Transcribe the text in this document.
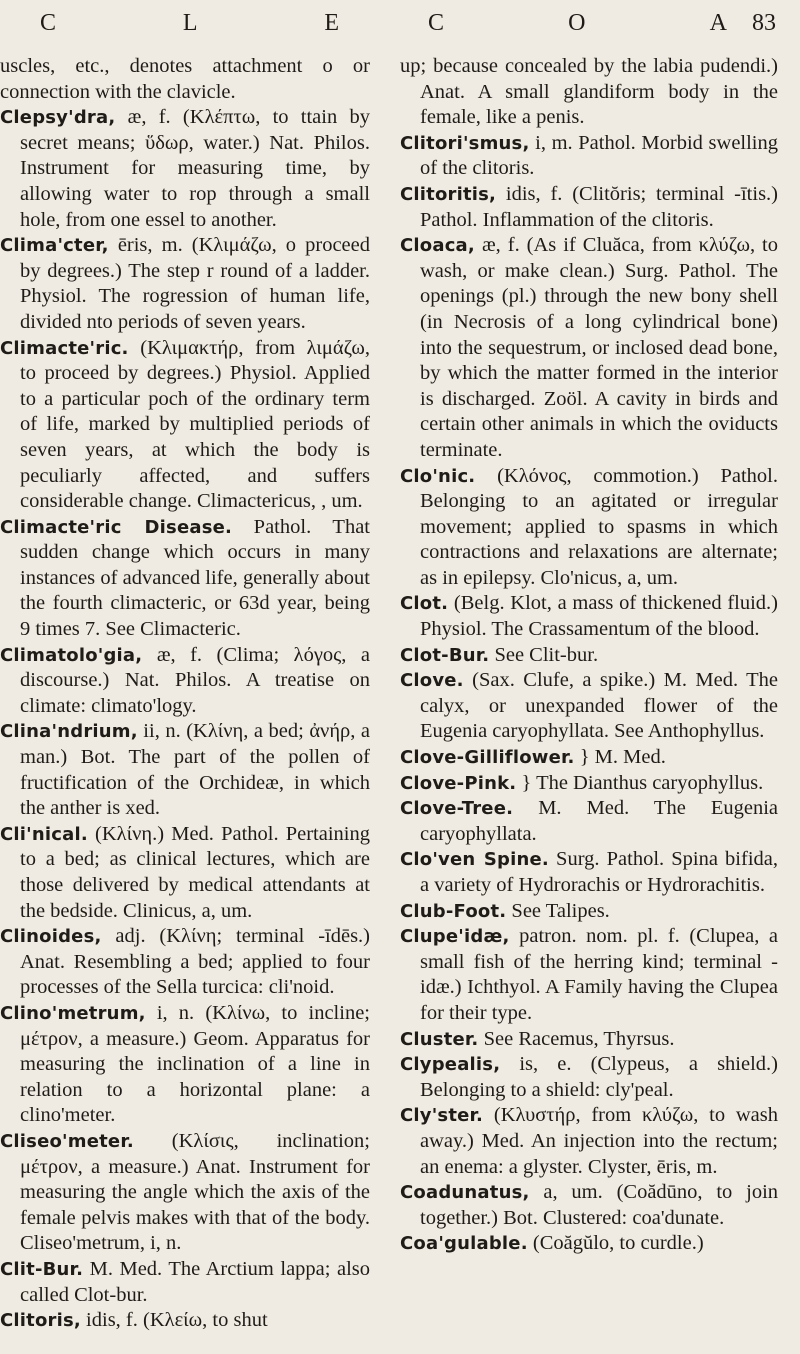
C	L	E	C	O	A 83

uscles, etc., denotes attachment o or connection with the clavicle.

Clepsy'dra, æ, f. (Κλέπτω, to ttain by secret means; ὕδωρ, water.) Nat. Philos. Instrument for measuring time, by allowing water to rop through a small hole, from one essel to another.

Clima'cter, ēris, m. (Κλιμάζω, o proceed by degrees.) The step r round of a ladder. Physiol. The rogression of human life, divided nto periods of seven years.

Climacte'ric. (Κλιμακτήρ, from λιμάζω, to proceed by degrees.) Physiol. Applied to a particular poch of the ordinary term of life, marked by multiplied periods of seven years, at which the body is peculiarly affected, and suffers considerable change. Climactericus, , um.

Climacte'ric Disease. Pathol. That sudden change which occurs in many instances of advanced life, generally about the fourth climacteric, or 63d year, being 9 times 7. See Climacteric.

Climatolo'gia, æ, f. (Clima; λόγος, a discourse.) Nat. Philos. A treatise on climate: climato'logy.

Clina'ndrium, ii, n. (Κλίνη, a bed; ἀνήρ, a man.) Bot. The part of the pollen of fructification of the Orchideæ, in which the anther is xed.

Cli'nical. (Κλίνη.) Med. Pathol. Pertaining to a bed; as clinical lectures, which are those delivered by medical attendants at the bedside. Clinicus, a, um.

Clinoides, adj. (Κλίνη; terminal -īdēs.) Anat. Resembling a bed; applied to four processes of the Sella turcica: cli'noid.

Clino'metrum, i, n. (Κλίνω, to incline; μέτρον, a measure.) Geom. Apparatus for measuring the inclination of a line in relation to a horizontal plane: a clino'meter.

Cliseo'meter. (Κλίσις, inclination; μέτρον, a measure.) Anat. Instrument for measuring the angle which the axis of the female pelvis makes with that of the body. Cliseo'metrum, i, n.

Clit-Bur. M. Med. The Arctium lappa; also called Clot-bur.

Clitoris, idis, f. (Κλείω, to shut

up; because concealed by the labia pudendi.) Anat. A small glandiform body in the female, like a penis.

Clitori'smus, i, m. Pathol. Morbid swelling of the clitoris.

Clitoritis, idis, f. (Clitŏris; terminal -ītis.) Pathol. Inflammation of the clitoris.

Cloaca, æ, f. (As if Cluăca, from κλύζω, to wash, or make clean.) Surg. Pathol. The openings (pl.) through the new bony shell (in Necrosis of a long cylindrical bone) into the sequestrum, or inclosed dead bone, by which the matter formed in the interior is discharged. Zoöl. A cavity in birds and certain other animals in which the oviducts terminate.

Clo'nic. (Κλόνος, commotion.) Pathol. Belonging to an agitated or irregular movement; applied to spasms in which contractions and relaxations are alternate; as in epilepsy. Clo'nicus, a, um.

Clot. (Belg. Klot, a mass of thickened fluid.) Physiol. The Crassamentum of the blood.

Clot-Bur. See Clit-bur.

Clove. (Sax. Clufe, a spike.) M. Med. The calyx, or unexpanded flower of the Eugenia caryophyllata. See Anthophyllus.

Clove-Gilliflower. } M. Med.

Clove-Pink. } The Dianthus caryophyllus.

Clove-Tree. M. Med. The Eugenia caryophyllata.

Clo'ven Spine. Surg. Pathol. Spina bifida, a variety of Hydrorachis or Hydrorachitis.

Club-Foot. See Talipes.

Clupe'idæ, patron. nom. pl. f. (Clupea, a small fish of the herring kind; terminal -idæ.) Ichthyol. A Family having the Clupea for their type.

Cluster. See Racemus, Thyrsus.

Clypealis, is, e. (Clypeus, a shield.) Belonging to a shield: cly'peal.

Cly'ster. (Κλυστήρ, from κλύζω, to wash away.) Med. An injection into the rectum; an enema: a glyster. Clyster, ēris, m.

Coadunatus, a, um. (Coădūno, to join together.) Bot. Clustered: coa'dunate.

Coa'gulable. (Coăgŭlo, to curdle.)
